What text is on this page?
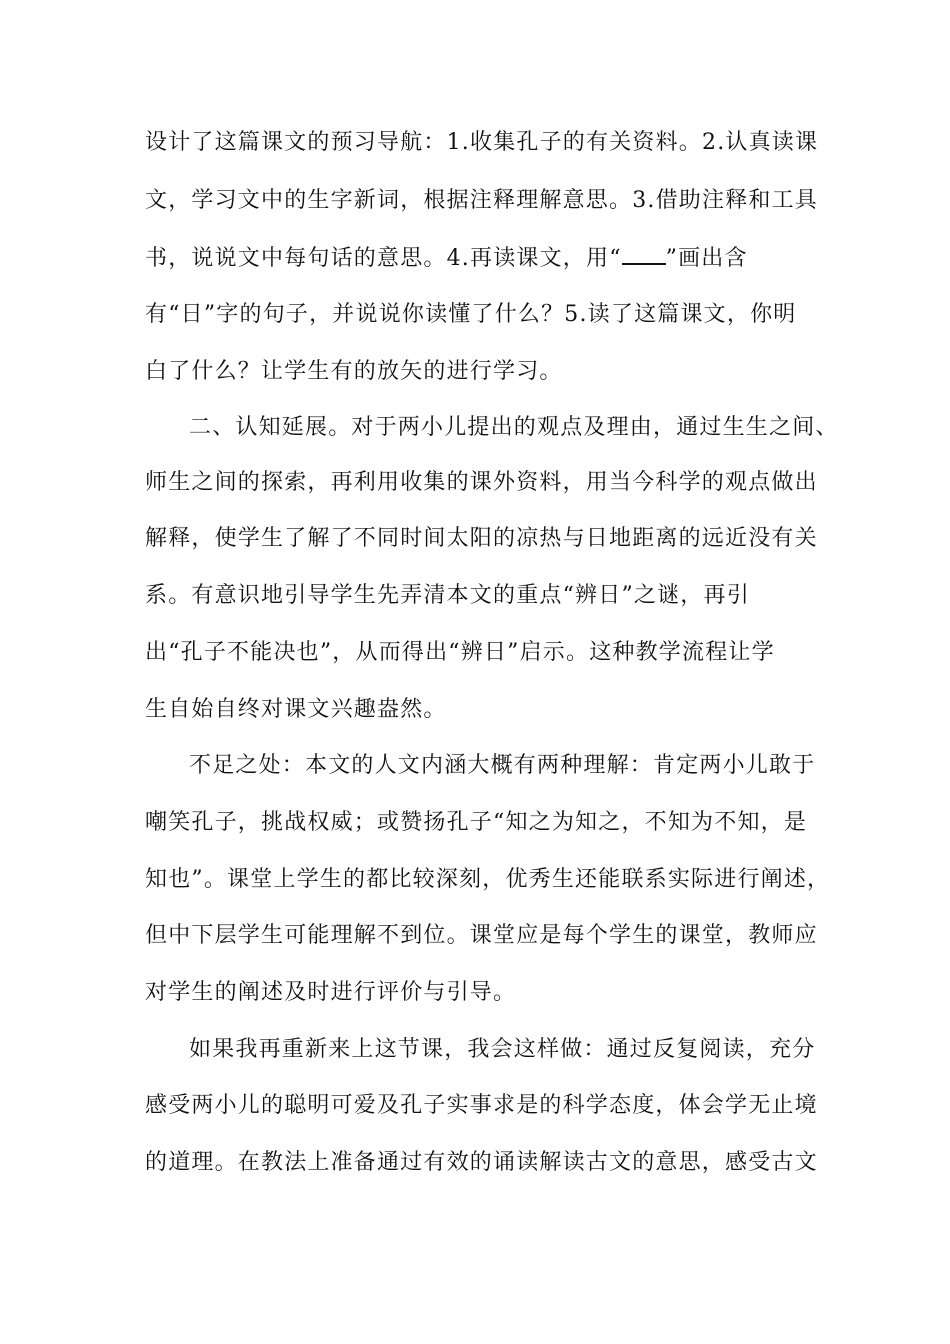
设计了这篇课文的预习导航：1.收集孔子的有关资料。2.认真读课
文，学习文中的生字新词，根据注释理解意思。3.借助注释和工具
书，说说文中每句话的意思。4.再读课文，用“ ”画出含
有“日”字的句子，并说说你读懂了什么？5.读了这篇课文，你明
白了什么？让学生有的放矢的进行学习。
二、认知延展。对于两小儿提出的观点及理由，通过生生之间、
师生之间的探索，再利用收集的课外资料，用当今科学的观点做出
解释，使学生了解了不同时间太阳的凉热与日地距离的远近没有关
系。有意识地引导学生先弄清本文的重点“辨日”之谜，再引
出“孔子不能决也”，从而得出“辨日”启示。这种教学流程让学
生自始自终对课文兴趣盎然。
不足之处：本文的人文内涵大概有两种理解：肯定两小儿敢于
嘲笑孔子，挑战权威；或赞扬孔子“知之为知之，不知为不知，是
知也”。课堂上学生的都比较深刻，优秀生还能联系实际进行阐述，
但中下层学生可能理解不到位。课堂应是每个学生的课堂，教师应
对学生的阐述及时进行评价与引导。
如果我再重新来上这节课，我会这样做：通过反复阅读，充分
感受两小儿的聪明可爱及孔子实事求是的科学态度，体会学无止境
的道理。在教法上准备通过有效的诵读解读古文的意思，感受古文
